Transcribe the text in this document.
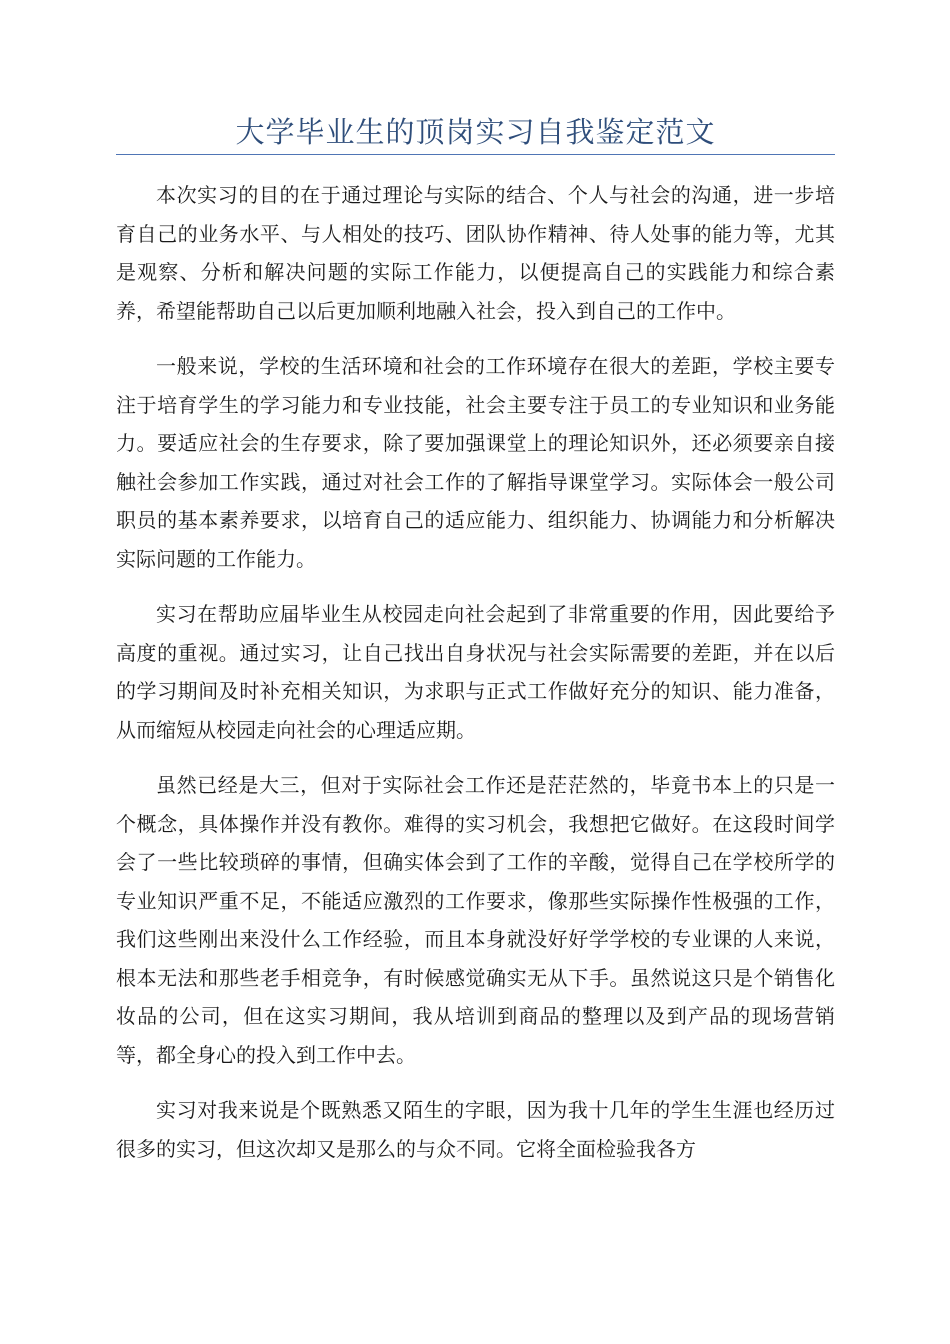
大学毕业生的顶岗实习自我鉴定范文

本次实习的目的在于通过理论与实际的结合、个人与社会的沟通，进一步培育自己的业务水平、与人相处的技巧、团队协作精神、待人处事的能力等，尤其是观察、分析和解决问题的实际工作能力，以便提高自己的实践能力和综合素养，希望能帮助自己以后更加顺利地融入社会，投入到自己的工作中。

一般来说，学校的生活环境和社会的工作环境存在很大的差距，学校主要专注于培育学生的学习能力和专业技能，社会主要专注于员工的专业知识和业务能力。要适应社会的生存要求，除了要加强课堂上的理论知识外，还必须要亲自接触社会参加工作实践，通过对社会工作的了解指导课堂学习。实际体会一般公司职员的基本素养要求，以培育自己的适应能力、组织能力、协调能力和分析解决实际问题的工作能力。

实习在帮助应届毕业生从校园走向社会起到了非常重要的作用，因此要给予高度的重视。通过实习，让自己找出自身状况与社会实际需要的差距，并在以后的学习期间及时补充相关知识，为求职与正式工作做好充分的知识、能力准备，从而缩短从校园走向社会的心理适应期。

虽然已经是大三，但对于实际社会工作还是茫茫然的，毕竟书本上的只是一个概念，具体操作并没有教你。难得的实习机会，我想把它做好。在这段时间学会了一些比较琐碎的事情，但确实体会到了工作的辛酸，觉得自己在学校所学的专业知识严重不足，不能适应激烈的工作要求，像那些实际操作性极强的工作，我们这些刚出来没什么工作经验，而且本身就没好好学学校的专业课的人来说，根本无法和那些老手相竞争，有时候感觉确实无从下手。虽然说这只是个销售化妆品的公司，但在这实习期间，我从培训到商品的整理以及到产品的现场营销等，都全身心的投入到工作中去。

实习对我来说是个既熟悉又陌生的字眼，因为我十几年的学生生涯也经历过很多的实习，但这次却又是那么的与众不同。它将全面检验我各方
